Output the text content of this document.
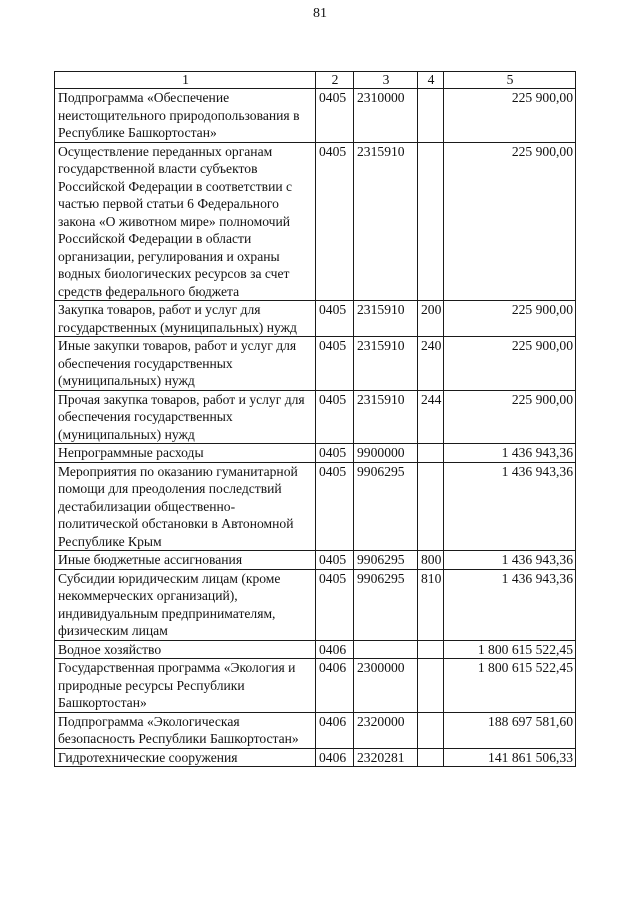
81
1	2	3	4	5
Подпрограмма «Обеспечение неистощительного природопользования в Республике Башкортостан»	0405	2310000		225 900,00
Осуществление переданных органам государственной власти субъектов Российской Федерации в соответствии с частью первой статьи 6 Федерального закона «О животном мире» полномочий Российской Федерации в области организации, регулирования и охраны водных биологических ресурсов за счет средств федерального бюджета	0405	2315910		225 900,00
Закупка товаров, работ и услуг для государственных (муниципальных) нужд	0405	2315910	200	225 900,00
Иные закупки товаров, работ и услуг для обеспечения государственных (муниципальных) нужд	0405	2315910	240	225 900,00
Прочая закупка товаров, работ и услуг для обеспечения государственных (муниципальных) нужд	0405	2315910	244	225 900,00
Непрограммные расходы	0405	9900000		1 436 943,36
Мероприятия по оказанию гуманитарной помощи для преодоления последствий дестабилизации общественно-политической обстановки в Автономной Республике Крым	0405	9906295		1 436 943,36
Иные бюджетные ассигнования	0405	9906295	800	1 436 943,36
Субсидии юридическим лицам (кроме некоммерческих организаций), индивидуальным предпринимателям, физическим лицам	0405	9906295	810	1 436 943,36
Водное хозяйство	0406			1 800 615 522,45
Государственная программа «Экология и природные ресурсы Республики Башкортостан»	0406	2300000		1 800 615 522,45
Подпрограмма «Экологическая безопасность Республики Башкортостан»	0406	2320000		188 697 581,60
Гидротехнические сооружения	0406	2320281		141 861 506,33
